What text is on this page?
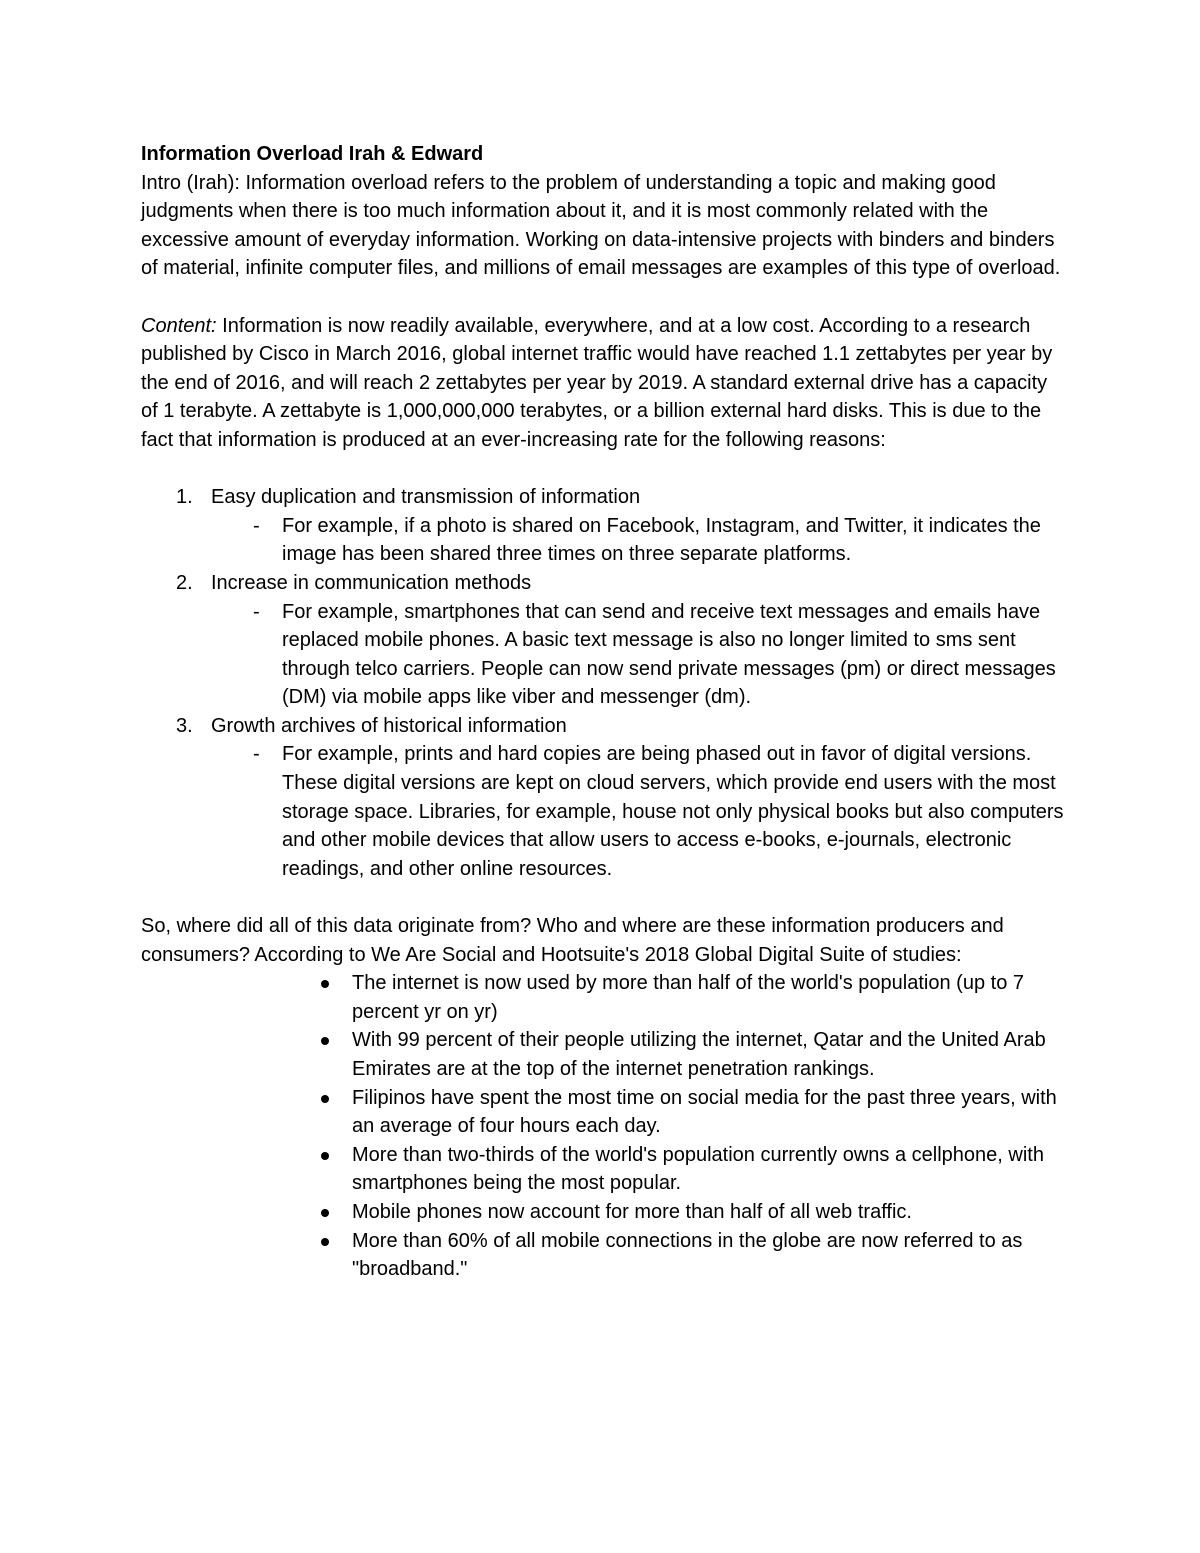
Information Overload Irah & Edward

Intro (Irah): Information overload refers to the problem of understanding a topic and making good judgments when there is too much information about it, and it is most commonly related with the excessive amount of everyday information. Working on data-intensive projects with binders and binders of material, infinite computer files, and millions of email messages are examples of this type of overload.

Content: Information is now readily available, everywhere, and at a low cost. According to a research published by Cisco in March 2016, global internet traffic would have reached 1.1 zettabytes per year by the end of 2016, and will reach 2 zettabytes per year by 2019. A standard external drive has a capacity of 1 terabyte. A zettabyte is 1,000,000,000 terabytes, or a billion external hard disks. This is due to the fact that information is produced at an ever-increasing rate for the following reasons:

1. Easy duplication and transmission of information
- For example, if a photo is shared on Facebook, Instagram, and Twitter, it indicates the image has been shared three times on three separate platforms.
2. Increase in communication methods
- For example, smartphones that can send and receive text messages and emails have replaced mobile phones. A basic text message is also no longer limited to sms sent through telco carriers. People can now send private messages (pm) or direct messages (DM) via mobile apps like viber and messenger (dm).
3. Growth archives of historical information
- For example, prints and hard copies are being phased out in favor of digital versions. These digital versions are kept on cloud servers, which provide end users with the most storage space. Libraries, for example, house not only physical books but also computers and other mobile devices that allow users to access e-books, e-journals, electronic readings, and other online resources.

So, where did all of this data originate from? Who and where are these information producers and consumers? According to We Are Social and Hootsuite's 2018 Global Digital Suite of studies:

The internet is now used by more than half of the world's population (up to 7 percent yr on yr)
With 99 percent of their people utilizing the internet, Qatar and the United Arab Emirates are at the top of the internet penetration rankings.
Filipinos have spent the most time on social media for the past three years, with an average of four hours each day.
More than two-thirds of the world's population currently owns a cellphone, with smartphones being the most popular.
Mobile phones now account for more than half of all web traffic.
More than 60% of all mobile connections in the globe are now referred to as "broadband."
